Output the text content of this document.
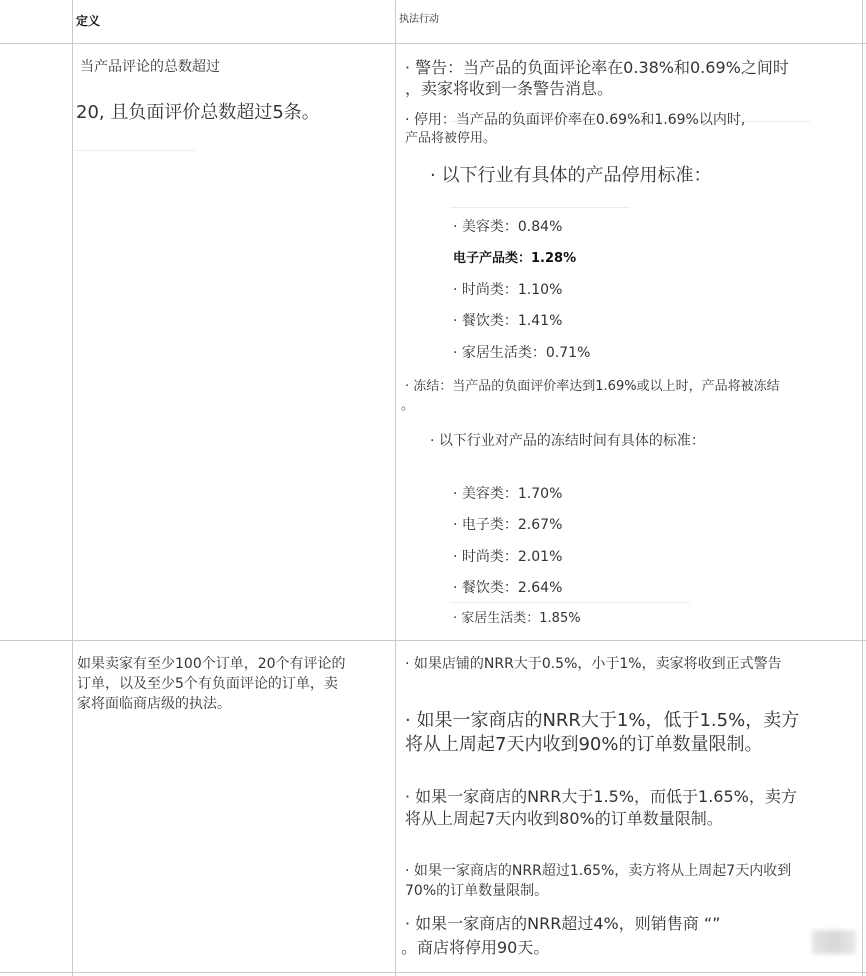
定义	执法行动
当产品评论的总数超过
20, 且负面评价总数超过5条。
· 警告：当产品的负面评论率在0.38%和0.69%之间时
，卖家将收到一条警告消息。
· 停用：当产品的负面评价率在0.69%和1.69%以内时,
产品将被停用。
· 以下行业有具体的产品停用标准：
· 美容类：0.84%
电子产品类：1.28%
· 时尚类：1.10%
· 餐饮类：1.41%
· 家居生活类：0.71%
· 冻结：当产品的负面评价率达到1.69%或以上时，产品将被冻结
。
· 以下行业对产品的冻结时间有具体的标准：
· 美容类：1.70%
· 电子类：2.67%
· 时尚类：2.01%
· 餐饮类：2.64%
· 家居生活类：1.85%
如果卖家有至少100个订单，20个有评论的
订单，以及至少5个有负面评论的订单，卖
家将面临商店级的执法。
· 如果店铺的NRR大于0.5%，小于1%，卖家将收到正式警告
· 如果一家商店的NRR大于1%，低于1.5%，卖方
将从上周起7天内收到90%的订单数量限制。
· 如果一家商店的NRR大于1.5%，而低于1.65%，卖方
将从上周起7天内收到80%的订单数量限制。
· 如果一家商店的NRR超过1.65%，卖方将从上周起7天内收到
70%的订单数量限制。
· 如果一家商店的NRR超过4%，则销售商 “”
。商店将停用90天。
